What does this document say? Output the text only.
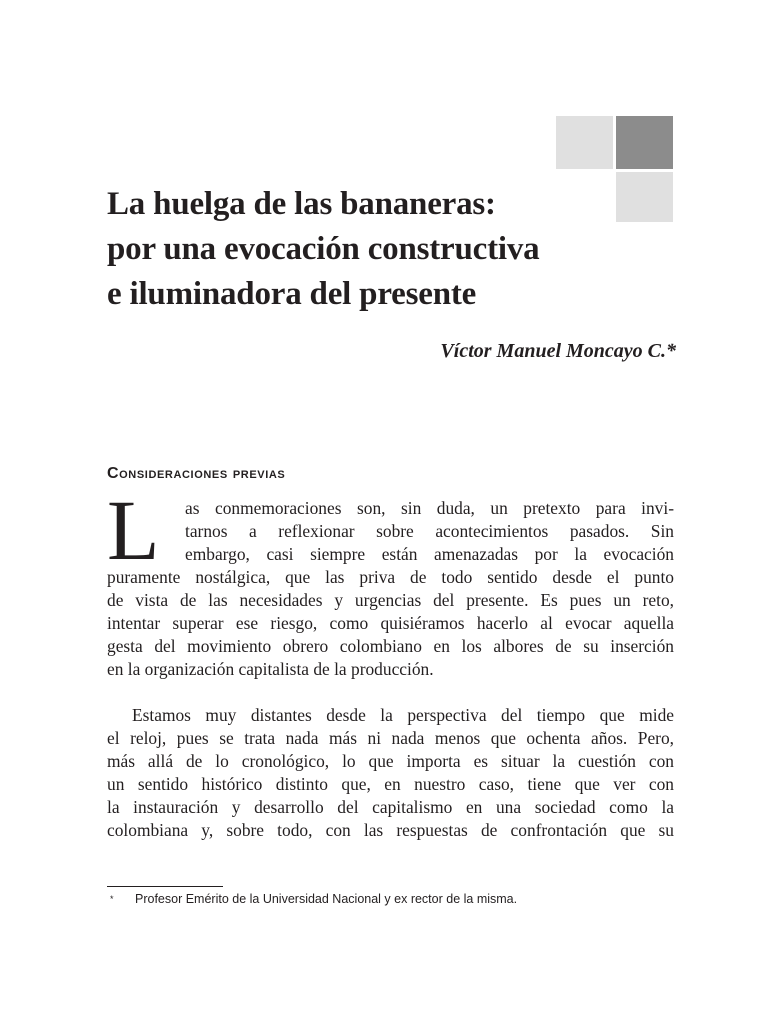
La huelga de las bananeras:
por una evocación constructiva
e iluminadora del presente

Víctor Manuel Moncayo C.*

Consideraciones previas
L	as conmemoraciones son, sin duda, un pretexto para invi-
tarnos a reflexionar sobre acontecimientos pasados. Sin
embargo, casi siempre están amenazadas por la evocación
puramente nostálgica, que las priva de todo sentido desde el punto
de vista de las necesidades y urgencias del presente. Es pues un reto,
intentar superar ese riesgo, como quisiéramos hacerlo al evocar aquella
gesta del movimiento obrero colombiano en los albores de su inserción
en la organización capitalista de la producción.
Estamos muy distantes desde la perspectiva del tiempo que mide
el reloj, pues se trata nada más ni nada menos que ochenta años. Pero,
más allá de lo cronológico, lo que importa es situar la cuestión con
un sentido histórico distinto que, en nuestro caso, tiene que ver con
la instauración y desarrollo del capitalismo en una sociedad como la
colombiana y, sobre todo, con las respuestas de confrontación que su
* Profesor Emérito de la Universidad Nacional y ex rector de la misma.
